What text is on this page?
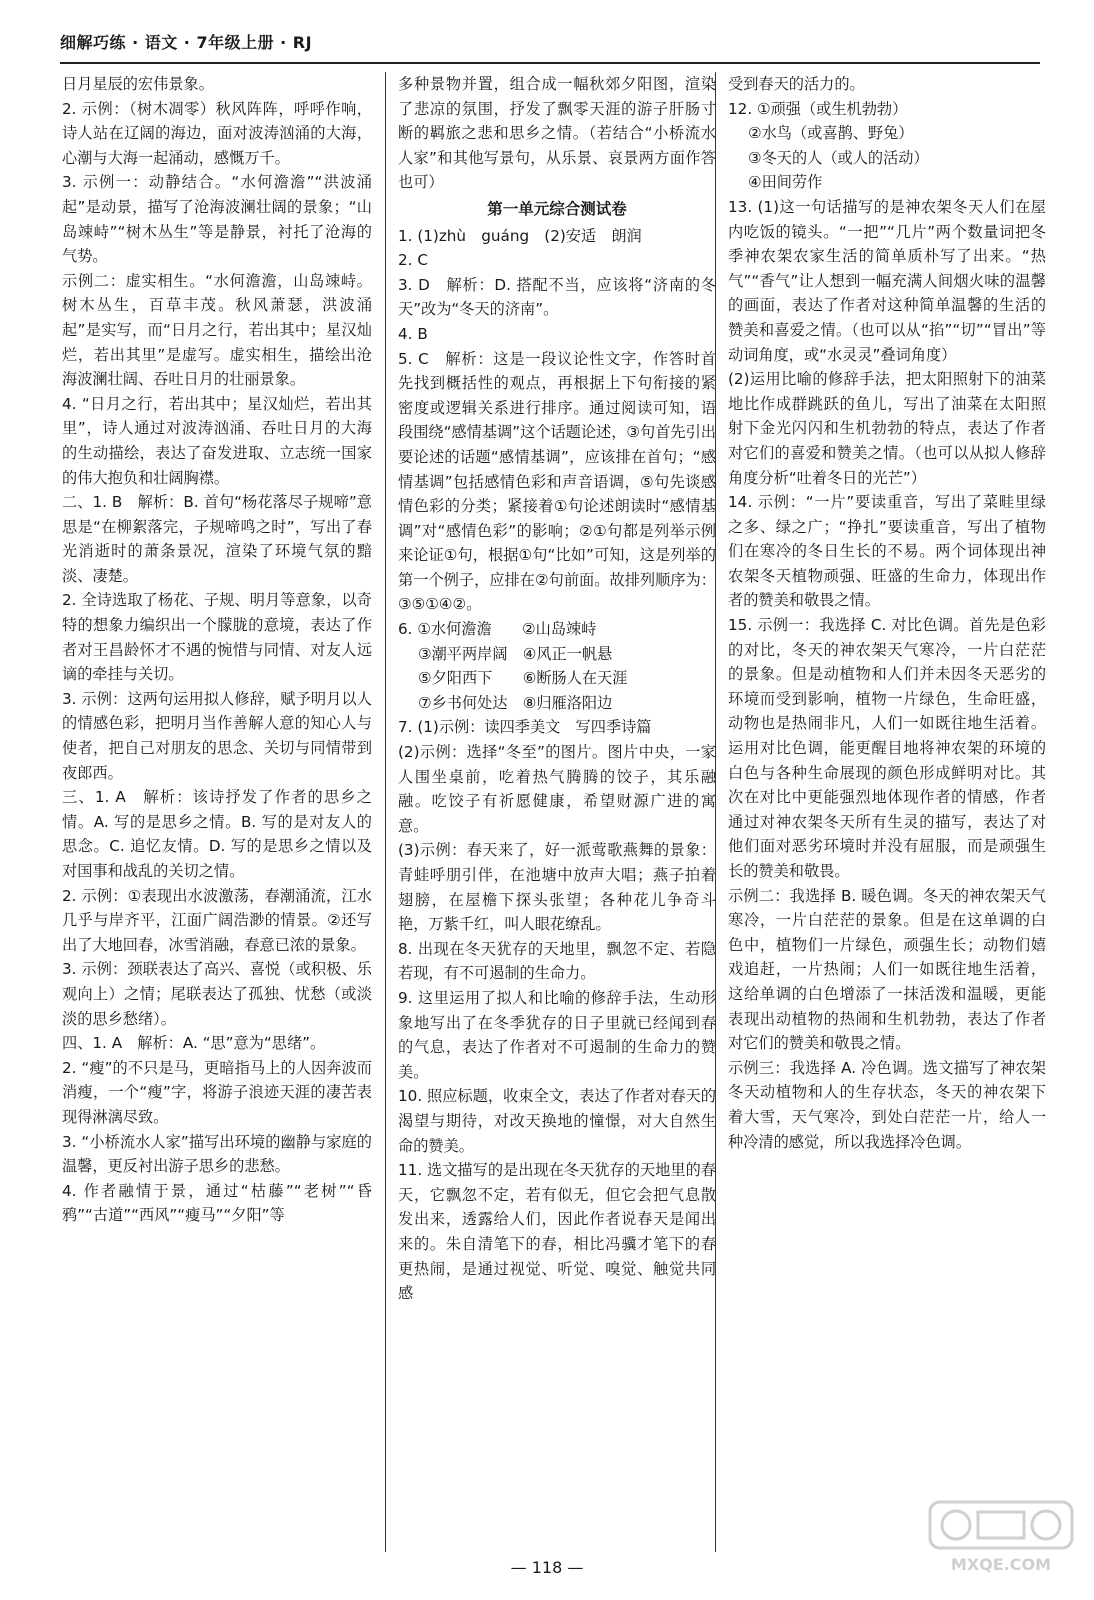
细解巧练 · 语文 · 7年级上册 · RJ

日月星辰的宏伟景象。

2. 示例：（树木凋零）秋风阵阵，呼呼作响，诗人站在辽阔的海边，面对波涛汹涌的大海，心潮与大海一起涌动，感慨万千。

3. 示例一：动静结合。“水何澹澹”“洪波涌起”是动景，描写了沧海波澜壮阔的景象；“山岛竦峙”“树木丛生”等是静景，衬托了沧海的气势。

示例二：虚实相生。“水何澹澹，山岛竦峙。树木丛生，百草丰茂。秋风萧瑟，洪波涌起”是实写，而“日月之行，若出其中；星汉灿烂，若出其里”是虚写。虚实相生，描绘出沧海波澜壮阔、吞吐日月的壮丽景象。

4. “日月之行，若出其中；星汉灿烂，若出其里”，诗人通过对波涛汹涌、吞吐日月的大海的生动描绘，表达了奋发进取、立志统一国家的伟大抱负和壮阔胸襟。

二、1. B　解析：B. 首句“杨花落尽子规啼”意思是“在柳絮落完，子规啼鸣之时”，写出了春光消逝时的萧条景况，渲染了环境气氛的黯淡、凄楚。

2. 全诗选取了杨花、子规、明月等意象，以奇特的想象力编织出一个朦胧的意境，表达了作者对王昌龄怀才不遇的惋惜与同情、对友人远谪的牵挂与关切。

3. 示例：这两句运用拟人修辞，赋予明月以人的情感色彩，把明月当作善解人意的知心人与使者，把自己对朋友的思念、关切与同情带到夜郎西。

三、1. A　解析：该诗抒发了作者的思乡之情。A. 写的是思乡之情。B. 写的是对友人的思念。C. 追忆友情。D. 写的是思乡之情以及对国事和战乱的关切之情。

2. 示例：①表现出水波激荡，春潮涌流，江水几乎与岸齐平，江面广阔浩渺的情景。②还写出了大地回春，冰雪消融，春意已浓的景象。

3. 示例：颈联表达了高兴、喜悦（或积极、乐观向上）之情；尾联表达了孤独、忧愁（或淡淡的思乡愁绪）。

四、1. A　解析：A. “思”意为“思绪”。

2. “瘦”的不只是马，更暗指马上的人因奔波而消瘦，一个“瘦”字，将游子浪迹天涯的凄苦表现得淋漓尽致。

3. “小桥流水人家”描写出环境的幽静与家庭的温馨，更反衬出游子思乡的悲愁。

4. 作者融情于景，通过“枯藤”“老树”“昏鸦”“古道”“西风”“瘦马”“夕阳”等

多种景物并置，组合成一幅秋郊夕阳图，渲染了悲凉的氛围，抒发了飘零天涯的游子肝肠寸断的羁旅之悲和思乡之情。（若结合“小桥流水人家”和其他写景句，从乐景、哀景两方面作答也可）

第一单元综合测试卷

1. (1)zhù　guáng　(2)安适　朗润

2. C

3. D　解析：D. 搭配不当，应该将“济南的冬天”改为“冬天的济南”。

4. B

5. C　解析：这是一段议论性文字，作答时首先找到概括性的观点，再根据上下句衔接的紧密度或逻辑关系进行排序。通过阅读可知，语段围绕“感情基调”这个话题论述，③句首先引出要论述的话题“感情基调”，应该排在首句；“感情基调”包括感情色彩和声音语调，⑤句先谈感情色彩的分类；紧接着①句论述朗读时“感情基调”对“感情色彩”的影响；②①句都是列举示例来论证①句，根据①句“比如”可知，这是列举的第一个例子，应排在②句前面。故排列顺序为：③⑤①④②。

6. ①水何澹澹　　②山岛竦峙

③潮平两岸阔　④风正一帆悬

⑤夕阳西下　　⑥断肠人在天涯

⑦乡书何处达　⑧归雁洛阳边

7. (1)示例：读四季美文　写四季诗篇

(2)示例：选择“冬至”的图片。图片中央，一家人围坐桌前，吃着热气腾腾的饺子，其乐融融。吃饺子有祈愿健康，希望财源广进的寓意。

(3)示例：春天来了，好一派莺歌燕舞的景象：青蛙呼朋引伴，在池塘中放声大唱；燕子拍着翅膀，在屋檐下探头张望；各种花儿争奇斗艳，万紫千红，叫人眼花缭乱。

8. 出现在冬天犹存的天地里，飘忽不定、若隐若现，有不可遏制的生命力。

9. 这里运用了拟人和比喻的修辞手法，生动形象地写出了在冬季犹存的日子里就已经闻到春的气息，表达了作者对不可遏制的生命力的赞美。

10. 照应标题，收束全文，表达了作者对春天的渴望与期待，对改天换地的憧憬，对大自然生命的赞美。

11. 选文描写的是出现在冬天犹存的天地里的春天，它飘忽不定，若有似无，但它会把气息散发出来，透露给人们，因此作者说春天是闻出来的。朱自清笔下的春，相比冯骥才笔下的春更热闹，是通过视觉、听觉、嗅觉、触觉共同感

受到春天的活力的。

12. ①顽强（或生机勃勃）

②水鸟（或喜鹊、野兔）

③冬天的人（或人的活动）

④田间劳作

13. (1)这一句话描写的是神农架冬天人们在屋内吃饭的镜头。“一把”“几片”两个数量词把冬季神农架农家生活的简单质朴写了出来。“热气”“香气”让人想到一幅充满人间烟火味的温馨的画面，表达了作者对这种简单温馨的生活的赞美和喜爱之情。（也可以从“掐”“切”“冒出”等动词角度，或“水灵灵”叠词角度）

(2)运用比喻的修辞手法，把太阳照射下的油菜地比作成群跳跃的鱼儿，写出了油菜在太阳照射下金光闪闪和生机勃勃的特点，表达了作者对它们的喜爱和赞美之情。（也可以从拟人修辞角度分析“吐着冬日的光芒”）

14. 示例：“一片”要读重音，写出了菜畦里绿之多、绿之广；“挣扎”要读重音，写出了植物们在寒冷的冬日生长的不易。两个词体现出神农架冬天植物顽强、旺盛的生命力，体现出作者的赞美和敬畏之情。

15. 示例一：我选择 C. 对比色调。首先是色彩的对比，冬天的神农架天气寒冷，一片白茫茫的景象。但是动植物和人们并未因冬天恶劣的环境而受到影响，植物一片绿色，生命旺盛，动物也是热闹非凡，人们一如既往地生活着。运用对比色调，能更醒目地将神农架的环境的白色与各种生命展现的颜色形成鲜明对比。其次在对比中更能强烈地体现作者的情感，作者通过对神农架冬天所有生灵的描写，表达了对他们面对恶劣环境时并没有屈服，而是顽强生长的赞美和敬畏。

示例二：我选择 B. 暖色调。冬天的神农架天气寒冷，一片白茫茫的景象。但是在这单调的白色中，植物们一片绿色，顽强生长；动物们嬉戏追赶，一片热闹；人们一如既往地生活着，这给单调的白色增添了一抹活泼和温暖，更能表现出动植物的热闹和生机勃勃，表达了作者对它们的赞美和敬畏之情。

示例三：我选择 A. 冷色调。选文描写了神农架冬天动植物和人的生存状态，冬天的神农架下着大雪，天气寒冷，到处白茫茫一片，给人一种冷清的感觉，所以我选择冷色调。

— 118 —	MXQE.COM
